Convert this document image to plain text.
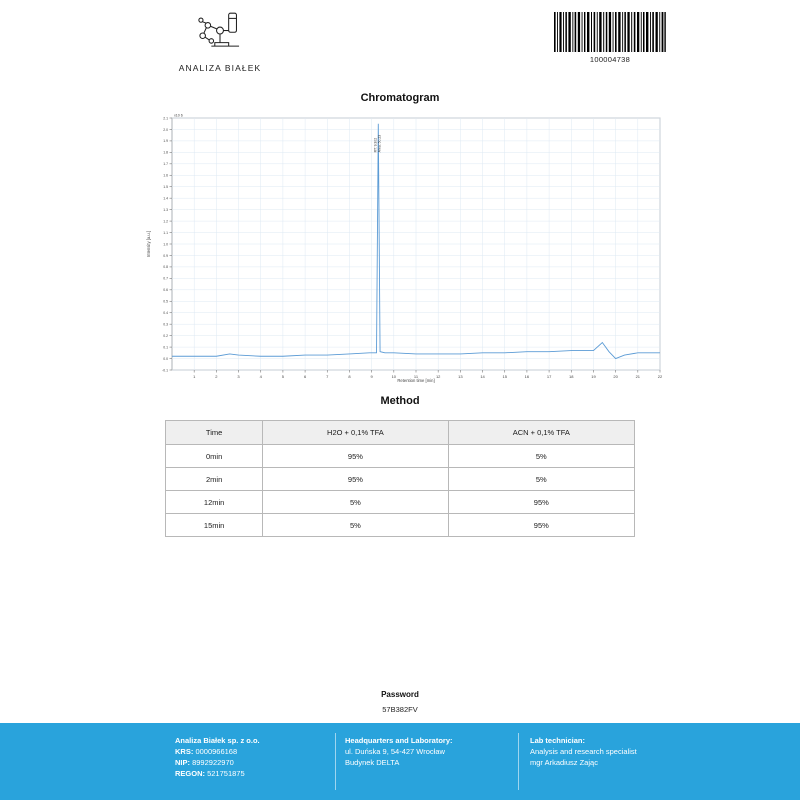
ANALIZA BIAŁEK
100004738
Chromatogram
1	2	3	4	5	6	7	8	9	10	11	12	13	14	15	16	17	18	19	20	21	22
2.1
2.0
1.9
1.8
1.7
1.6
1.5
1.4
1.3
1.2
1.1
1.0
0.9
0.8
0.7
0.6
0.5
0.4
0.3
0.2
0.1
0.0
-0.1
x10 6
Retention time [min]
Intensity [a.u.]
RT: 9.302 Area: 50.23
Method
Time	H2O + 0,1% TFA	ACN + 0,1% TFA
0min	95%	5%
2min	95%	5%
12min	5%	95%
15min	5%	95%
Password
57B382FV
Analiza Białek sp. z o.o.
KRS: 0000966168
NIP: 8992922970
REGON: 521751875
Headquarters and Laboratory:
ul. Duńska 9, 54-427 Wrocław
Budynek DELTA
Lab technician:
Analysis and research specialist
mgr Arkadiusz Zając
